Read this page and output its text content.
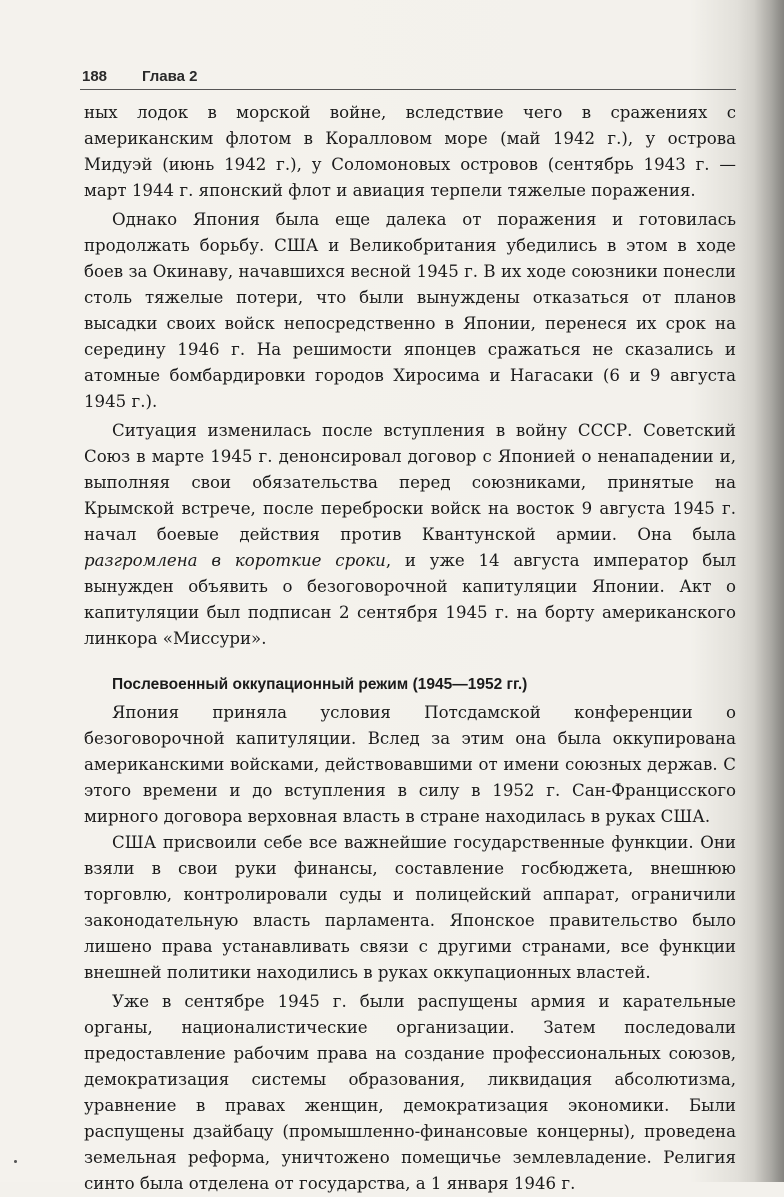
188 Глава 2

ных лодок в морской войне, вследствие чего в сражениях с американским флотом в Коралловом море (май 1942 г.), у острова Мидуэй (июнь 1942 г.), у Соломоновых островов (сентябрь 1943 г. — март 1944 г. японский флот и авиация терпели тяжелые поражения.

Однако Япония была еще далека от поражения и готовилась продолжать борьбу. США и Великобритания убедились в этом в ходе боев за Окинаву, начавшихся весной 1945 г. В их ходе союзники понесли столь тяжелые потери, что были вынуждены отказаться от планов высадки своих войск непосредственно в Японии, перенеся их срок на середину 1946 г. На решимости японцев сражаться не сказались и атомные бомбардировки городов Хиросима и Нагасаки (6 и 9 августа 1945 г.).

Ситуация изменилась после вступления в войну СССР. Советский Союз в марте 1945 г. денонсировал договор с Японией о ненападении и, выполняя свои обязательства перед союзниками, принятые на Крымской встрече, после переброски войск на восток 9 августа 1945 г. начал боевые действия против Квантунской армии. Она была разгромлена в короткие сроки, и уже 14 августа император был вынужден объявить о безоговорочной капитуляции Японии. Акт о капитуляции был подписан 2 сентября 1945 г. на борту американского линкора «Миссури».

Послевоенный оккупационный режим (1945—1952 гг.)

Япония приняла условия Потсдамской конференции о безоговорочной капитуляции. Вслед за этим она была оккупирована американскими войсками, действовавшими от имени союзных держав. С этого времени и до вступления в силу в 1952 г. Сан-Францисского мирного договора верховная власть в стране находилась в руках США.

США присвоили себе все важнейшие государственные функции. Они взяли в свои руки финансы, составление госбюджета, внешнюю торговлю, контролировали суды и полицейский аппарат, ограничили законодательную власть парламента. Японское правительство было лишено права устанавливать связи с другими странами, все функции внешней политики находились в руках оккупационных властей.

Уже в сентябре 1945 г. были распущены армия и карательные органы, националистические организации. Затем последовали предоставление рабочим права на создание профессиональных союзов, демократизация системы образования, ликвидация абсолютизма, уравнение в правах женщин, демократизация экономики. Были распущены дзайбацу (промышленно-финансовые концерны), проведена земельная реформа, уничтожено помещичье землевладение. Религия синто была отделена от государства, а 1 января 1946 г.
